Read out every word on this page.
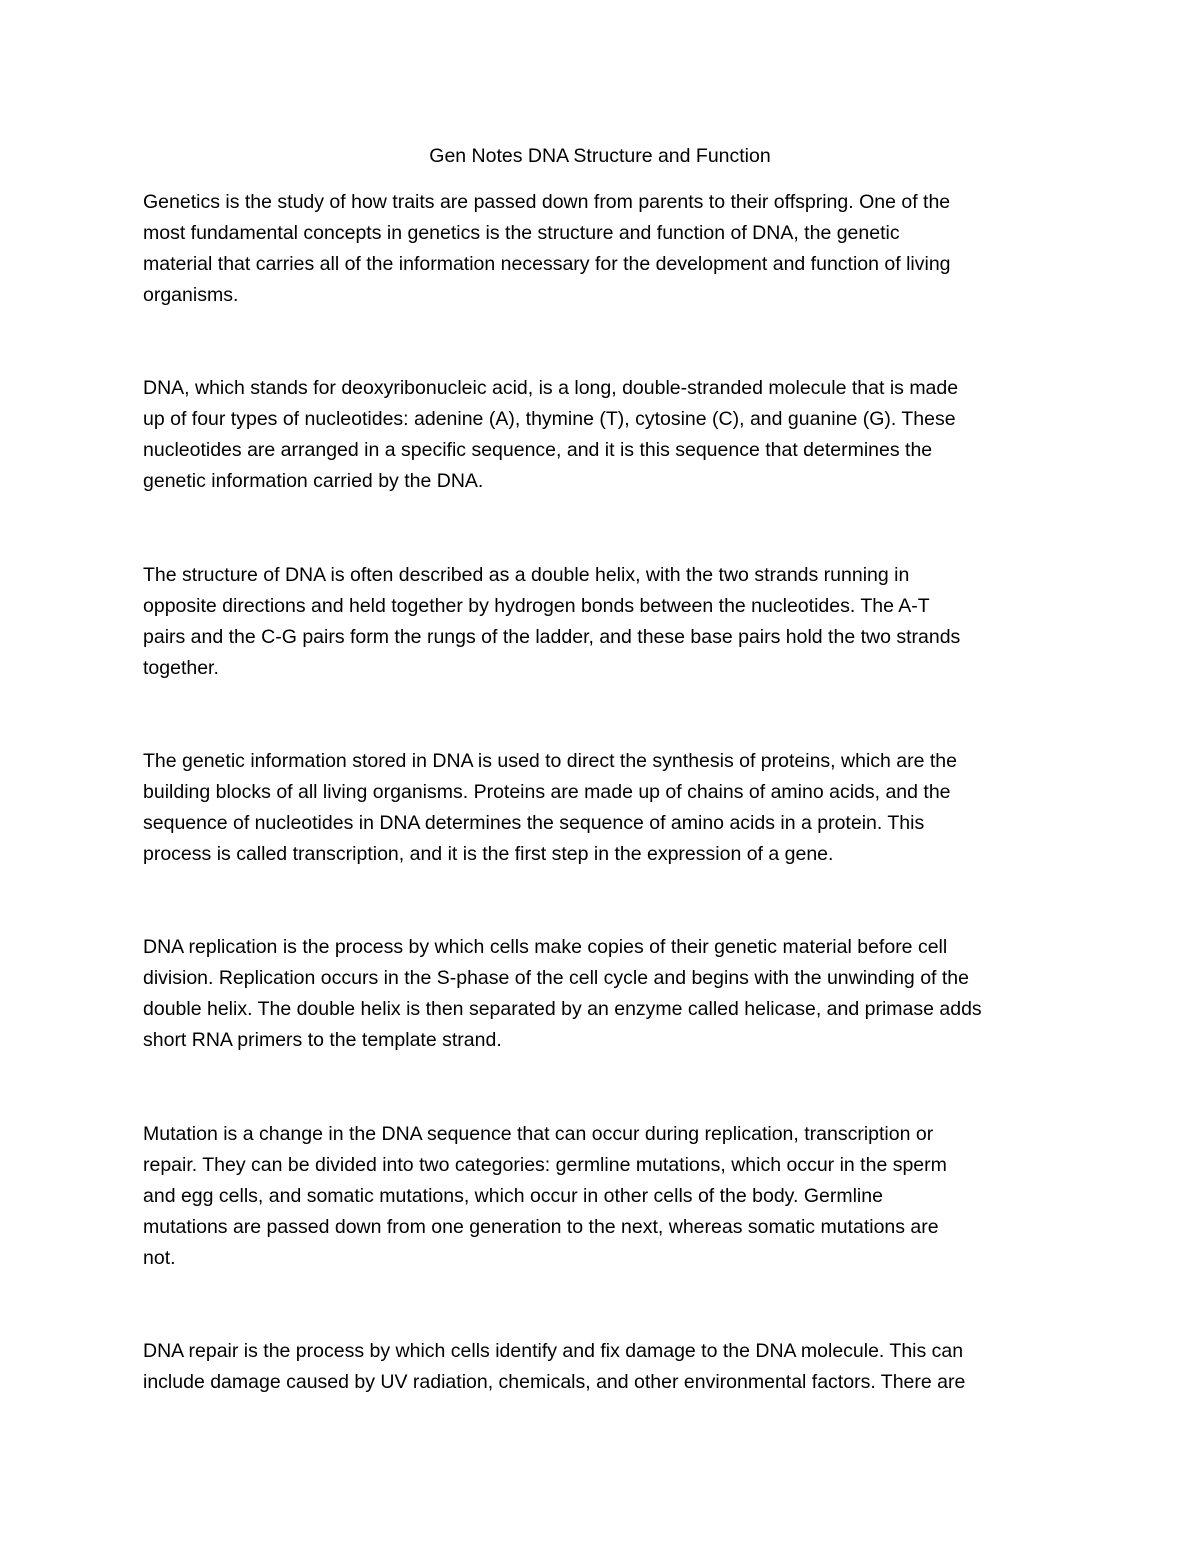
Gen Notes DNA Structure and Function

Genetics is the study of how traits are passed down from parents to their offspring. One of the
most fundamental concepts in genetics is the structure and function of DNA, the genetic
material that carries all of the information necessary for the development and function of living
organisms.

DNA, which stands for deoxyribonucleic acid, is a long, double-stranded molecule that is made
up of four types of nucleotides: adenine (A), thymine (T), cytosine (C), and guanine (G). These
nucleotides are arranged in a specific sequence, and it is this sequence that determines the
genetic information carried by the DNA.

The structure of DNA is often described as a double helix, with the two strands running in
opposite directions and held together by hydrogen bonds between the nucleotides. The A-T
pairs and the C-G pairs form the rungs of the ladder, and these base pairs hold the two strands
together.

The genetic information stored in DNA is used to direct the synthesis of proteins, which are the
building blocks of all living organisms. Proteins are made up of chains of amino acids, and the
sequence of nucleotides in DNA determines the sequence of amino acids in a protein. This
process is called transcription, and it is the first step in the expression of a gene.

DNA replication is the process by which cells make copies of their genetic material before cell
division. Replication occurs in the S-phase of the cell cycle and begins with the unwinding of the
double helix. The double helix is then separated by an enzyme called helicase, and primase adds
short RNA primers to the template strand.

Mutation is a change in the DNA sequence that can occur during replication, transcription or
repair. They can be divided into two categories: germline mutations, which occur in the sperm
and egg cells, and somatic mutations, which occur in other cells of the body. Germline
mutations are passed down from one generation to the next, whereas somatic mutations are
not.

DNA repair is the process by which cells identify and fix damage to the DNA molecule. This can
include damage caused by UV radiation, chemicals, and other environmental factors. There are
